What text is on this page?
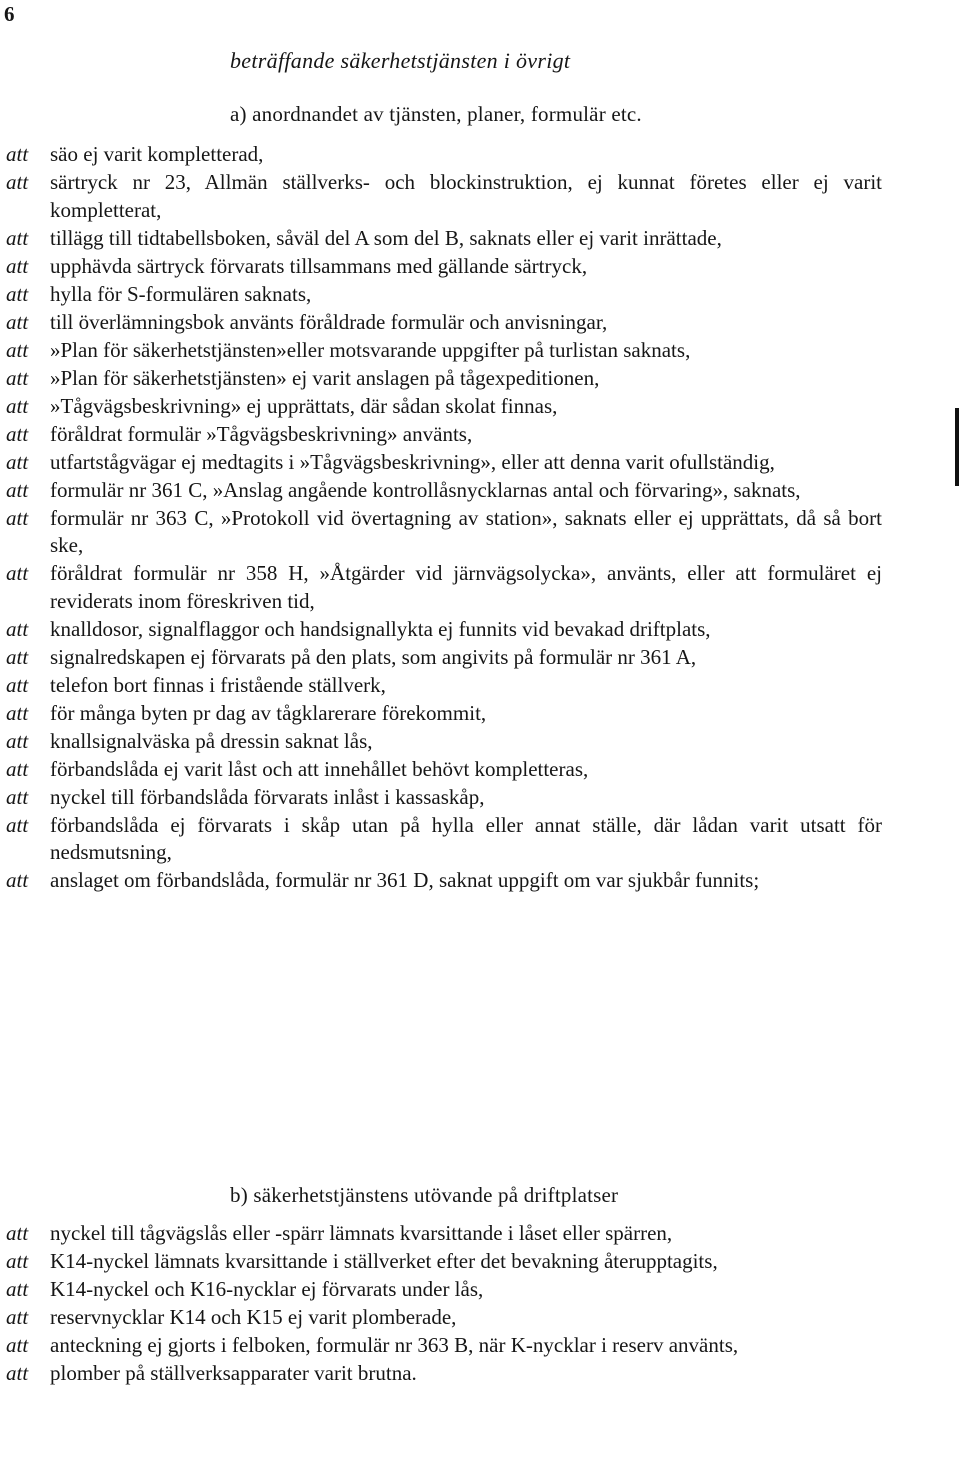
6
beträffande säkerhetstjänsten i övrigt
a) anordnandet av tjänsten, planer, formulär etc.
att säo ej varit kompletterad,
att särtryck nr 23, Allmän ställverks- och blockinstruktion, ej kunnat företes eller ej varit kompletterat,
att tillägg till tidtabellsboken, såväl del A som del B, saknats eller ej varit inrättade,
att upphävda särtryck förvarats tillsammans med gällande särtryck,
att hylla för S-formulären saknats,
att till överlämningsbok använts föråldrade formulär och anvisningar,
att »Plan för säkerhetstjänsten»eller motsvarande uppgifter på turlistan saknats,
att »Plan för säkerhetstjänsten» ej varit anslagen på tågexpeditionen,
att »Tågvägsbeskrivning» ej upprättats, där sådan skolat finnas,
att föråldrat formulär »Tågvägsbeskrivning» använts,
att utfartstågvägar ej medtagits i »Tågvägsbeskrivning», eller att denna varit ofullständig,
att formulär nr 361 C, »Anslag angående kontrollåsnycklarnas antal och förvaring», saknats,
att formulär nr 363 C, »Protokoll vid övertagning av station», saknats eller ej upprättats, då så bort ske,
att föråldrat formulär nr 358 H, »Åtgärder vid järnvägsolycka», använts, eller att formuläret ej reviderats inom föreskriven tid,
att knalldosor, signalflaggor och handsignallykta ej funnits vid bevakad driftplats,
att signalredskapen ej förvarats på den plats, som angivits på formulär nr 361 A,
att telefon bort finnas i fristående ställverk,
att för många byten pr dag av tågklarerare förekommit,
att knallsignalväska på dressin saknat lås,
att förbandslåda ej varit låst och att innehållet behövt kompletteras,
att nyckel till förbandslåda förvarats inlåst i kassaskåp,
att förbandslåda ej förvarats i skåp utan på hylla eller annat ställe, där lådan varit utsatt för nedsmutsning,
att anslaget om förbandslåda, formulär nr 361 D, saknat uppgift om var sjukbår funnits;
b) säkerhetstjänstens utövande på driftplatser
att nyckel till tågvägslås eller -spärr lämnats kvarsittande i låset eller spärren,
att K14-nyckel lämnats kvarsittande i ställverket efter det bevakning återupptagits,
att K14-nyckel och K16-nycklar ej förvarats under lås,
att reservnycklar K14 och K15 ej varit plomberade,
att anteckning ej gjorts i felboken, formulär nr 363 B, när K-nycklar i reserv använts,
att plomber på ställverksapparater varit brutna.
